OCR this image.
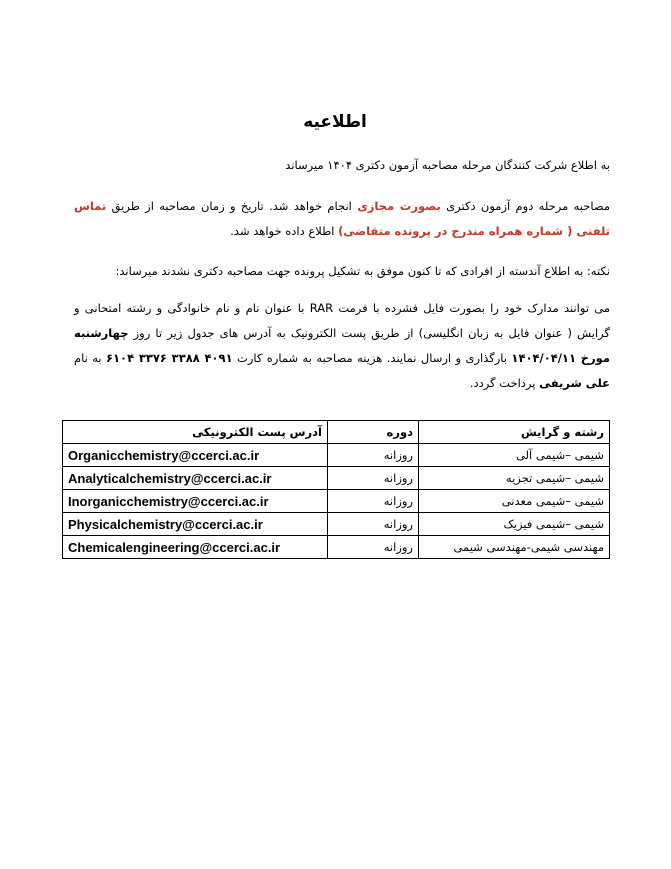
اطلاعیه
به اطلاع شرکت کنندگان مرحله مصاحبه آزمون دکتری ۱۴۰۴ میرساند
مصاحبه مرحله دوم آزمون دکتری بصورت مجازی انجام خواهد شد. تاریخ و زمان مصاحبه از طریق تماس تلفنی ( شماره همراه مندرج در پرونده متقاضی) اطلاع داده خواهد شد.
نکته: به اطلاع آندسته از افرادی که تا کنون موفق به تشکیل پرونده جهت مصاحبه دکتری نشدند میرساند:
می توانند مدارک خود را بصورت فایل فشرده با فرمت RAR با عنوان نام و نام خانوادگی و رشته امتحانی و گرایش ( عنوان فایل به زبان انگلیسی) از طریق پست الکترونیک به آدرس های جدول زیر تا روز چهارشنبه مورخ ۱۴۰۴/۰۴/۱۱ بارگذاری و ارسال نمایند. هزینه مصاحبه به شماره کارت ۶۱۰۴ ۳۳۷۶ ۳۳۸۸ ۴۰۹۱ به نام علی شریفی پرداخت گردد.
رشته و گرایش	دوره	آدرس پست الکترونیکی
شیمی –شیمی آلی	روزانه	Organicchemistry@ccerci.ac.ir
شیمی –شیمی تجزیه	روزانه	Analyticalchemistry@ccerci.ac.ir
شیمی –شیمی معدنی	روزانه	Inorganicchemistry@ccerci.ac.ir
شیمی –شیمی فیزیک	روزانه	Physicalchemistry@ccerci.ac.ir
مهندسی شیمی-مهندسی شیمی	روزانه	Chemicalengineering@ccerci.ac.ir
